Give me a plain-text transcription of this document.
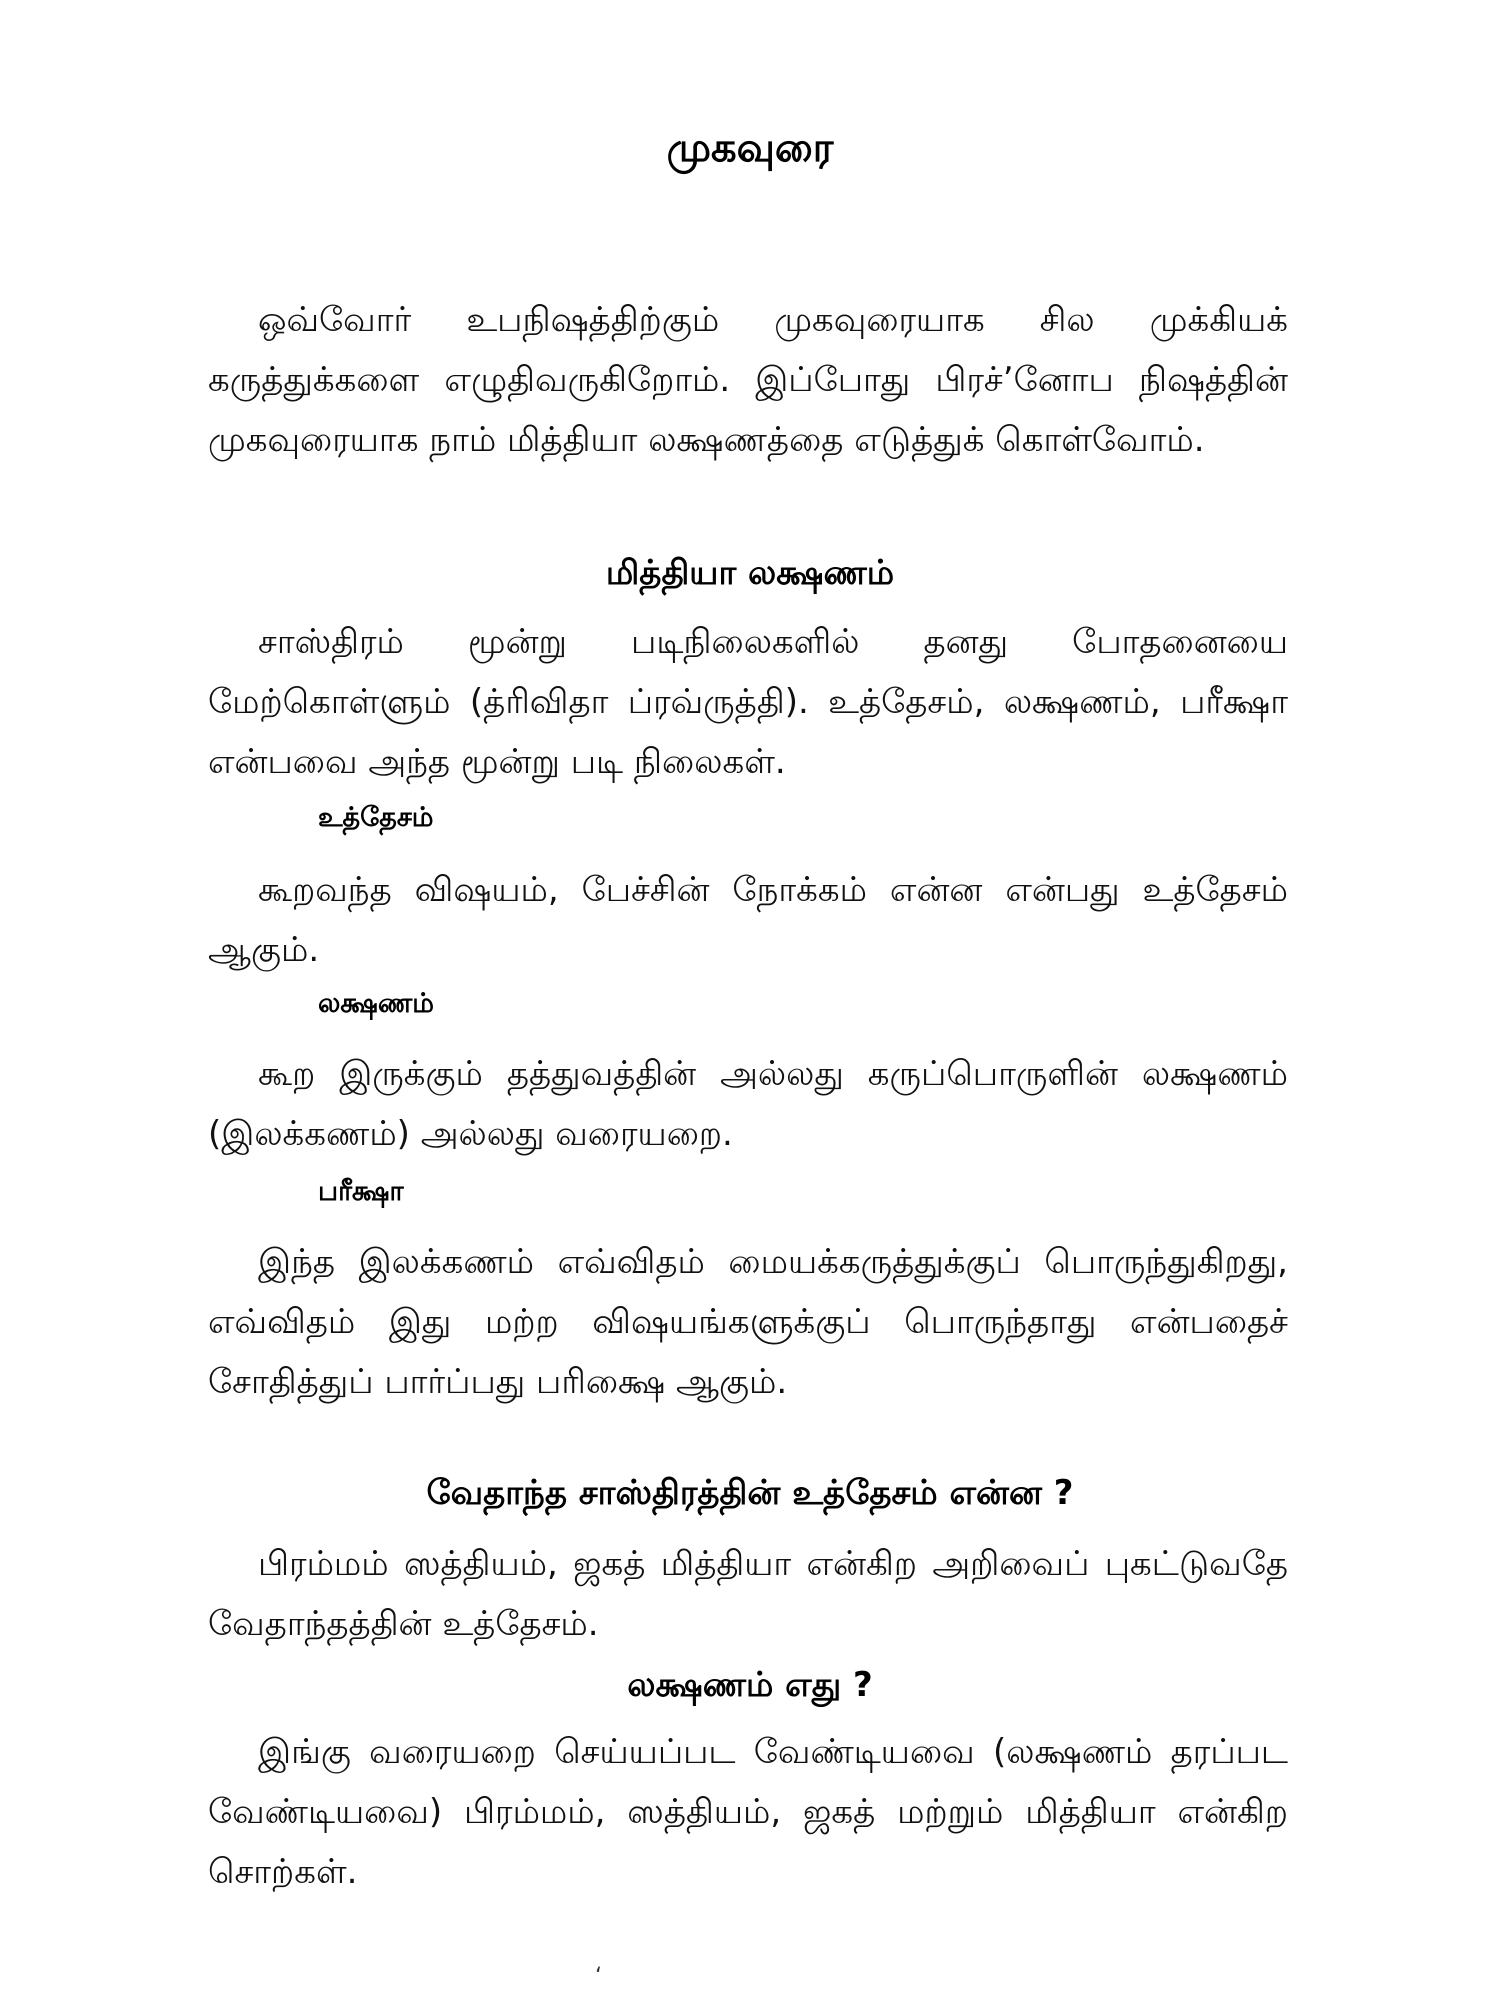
முகவுரை

ஒவ்வோர் உபநிஷத்திற்கும் முகவுரையாக சில முக்கியக் கருத்துக்களை எழுதிவருகிறோம். இப்போது பிரச்’னோப நிஷத்தின் முகவுரையாக நாம் மித்தியா லக்ஷணத்தை எடுத்துக் கொள்வோம்.

மித்தியா லக்ஷணம்

சாஸ்திரம் மூன்று படிநிலைகளில் தனது போதனையை மேற்கொள்ளும் (த்ரிவிதா ப்ரவ்ருத்தி). உத்தேசம், லக்ஷணம், பரீக்ஷா என்பவை அந்த மூன்று படி நிலைகள்.

உத்தேசம்

கூறவந்த விஷயம், பேச்சின் நோக்கம் என்ன என்பது உத்தேசம் ஆகும்.

லக்ஷணம்

கூற இருக்கும் தத்துவத்தின் அல்லது கருப்பொருளின் லக்ஷணம் (இலக்கணம்) அல்லது வரையறை.

பரீக்ஷா

இந்த இலக்கணம் எவ்விதம் மையக்கருத்துக்குப் பொருந்துகிறது, எவ்விதம் இது மற்ற விஷயங்களுக்குப் பொருந்தாது என்பதைச் சோதித்துப் பார்ப்பது பரிக்ஷை ஆகும்.

வேதாந்த சாஸ்திரத்தின் உத்தேசம் என்ன ?

பிரம்மம் ஸத்தியம், ஜகத் மித்தியா என்கிற அறிவைப் புகட்டுவதே வேதாந்தத்தின் உத்தேசம்.

லக்ஷணம் எது ?

இங்கு வரையறை செய்யப்பட வேண்டியவை (லக்ஷணம் தரப்பட வேண்டியவை) பிரம்மம், ஸத்தியம், ஜகத் மற்றும் மித்தியா என்கிற சொற்கள்.

‘
